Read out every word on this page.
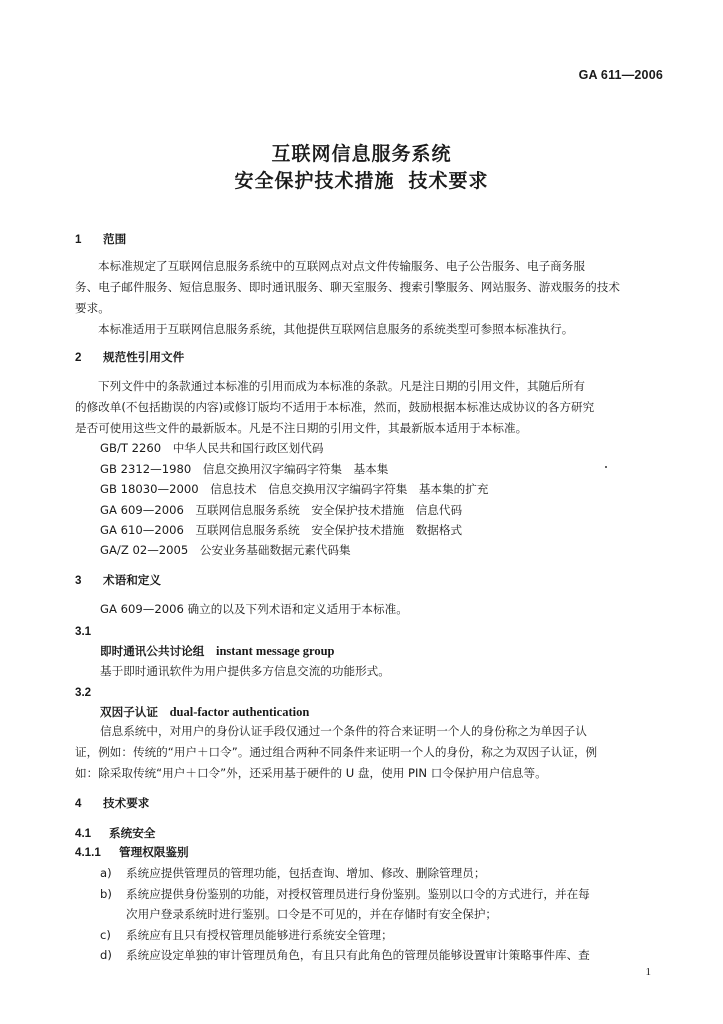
GA 611—2006
互联网信息服务系统
安全保护技术措施 技术要求
1 范围
本标准规定了互联网信息服务系统中的互联网点对点文件传输服务、电子公告服务、电子商务服
务、电子邮件服务、短信息服务、即时通讯服务、聊天室服务、搜索引擎服务、网站服务、游戏服务的技术
要求。
本标准适用于互联网信息服务系统，其他提供互联网信息服务的系统类型可参照本标准执行。
2 规范性引用文件
下列文件中的条款通过本标准的引用而成为本标准的条款。凡是注日期的引用文件，其随后所有
的修改单(不包括勘误的内容)或修订版均不适用于本标准，然而，鼓励根据本标准达成协议的各方研究
是否可使用这些文件的最新版本。凡是不注日期的引用文件，其最新版本适用于本标准。
GB/T 2260　中华人民共和国行政区划代码
GB 2312—1980　信息交换用汉字编码字符集　基本集
GB 18030—2000　信息技术　信息交换用汉字编码字符集　基本集的扩充
GA 609—2006　互联网信息服务系统　安全保护技术措施　信息代码
GA 610—2006　互联网信息服务系统　安全保护技术措施　数据格式
GA/Z 02—2005　公安业务基础数据元素代码集
3 术语和定义
GA 609—2006 确立的以及下列术语和定义适用于本标准。
3.1
即时通讯公共讨论组　 instant message group
基于即时通讯软件为用户提供多方信息交流的功能形式。
3.2
双因子认证　 dual-factor authentication
信息系统中，对用户的身份认证手段仅通过一个条件的符合来证明一个人的身份称之为单因子认
证，例如：传统的“用户＋口令”。通过组合两种不同条件来证明一个人的身份，称之为双因子认证，例
如：除采取传统“用户＋口令”外，还采用基于硬件的 U 盘，使用 PIN 口令保护用户信息等。
4 技术要求
4.1 系统安全
4.1.1 管理权限鉴别
a) 系统应提供管理员的管理功能，包括查询、增加、修改、删除管理员；
b) 系统应提供身份鉴别的功能，对授权管理员进行身份鉴别。鉴别以口令的方式进行，并在每
次用户登录系统时进行鉴别。口令是不可见的，并在存储时有安全保护；
c) 系统应有且只有授权管理员能够进行系统安全管理；
d) 系统应设定单独的审计管理员角色，有且只有此角色的管理员能够设置审计策略事件库、查
1
